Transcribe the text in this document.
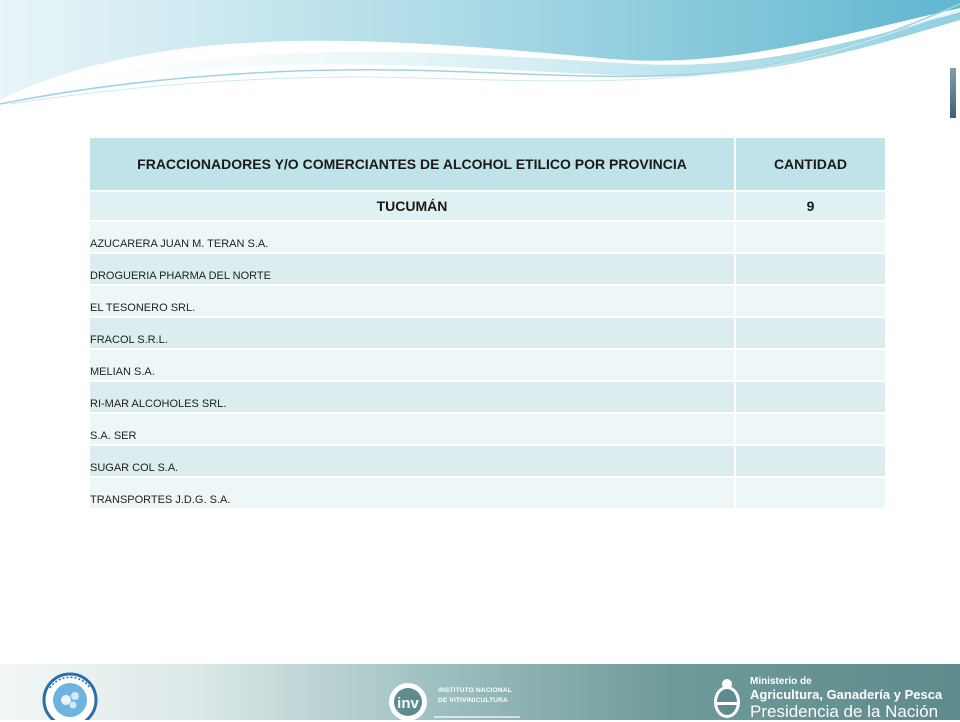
FRACCIONADORES Y/O COMERCIANTES DE ALCOHOL ETILICO POR PROVINCIA	CANTIDAD
TUCUMÁN	9
AZUCARERA JUAN M. TERAN S.A.	
DROGUERIA PHARMA DEL NORTE	
EL TESONERO SRL.	
FRACOL S.R.L.	
MELIAN S.A.	
RI-MAR ALCOHOLES SRL.	
S.A. SER	
SUGAR COL S.A.	
TRANSPORTES J.D.G. S.A.	
inv
INSTITUTO NACIONAL
DE VITIVINICULTURA
Ministerio de
Agricultura, Ganadería y Pesca
Presidencia de la Nación
